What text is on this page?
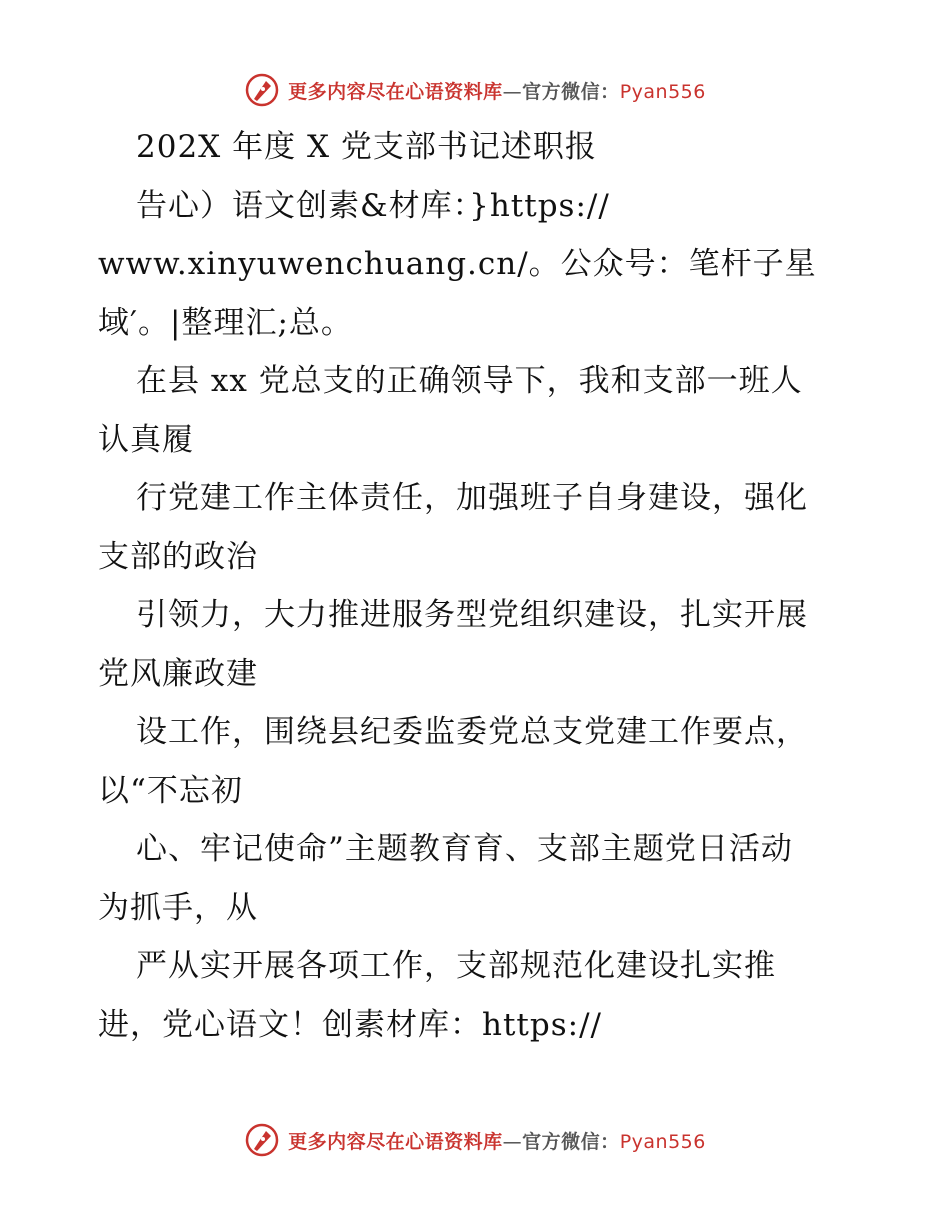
更多内容尽在心语资料库—官方微信：Pyan556
202X 年度 X 党支部书记述职报
告心）语文创素&材库：}https://
www.xinyuwenchuang.cn/。公众号：笔杆子星
域′。|整理汇;总。
在县 xx 党总支的正确领导下，我和支部一班人
认真履
行党建工作主体责任，加强班子自身建设，强化
支部的政治
引领力，大力推进服务型党组织建设，扎实开展
党风廉政建
设工作，围绕县纪委监委党总支党建工作要点，
以“不忘初
心、牢记使命”主题教育育、支部主题党日活动
为抓手，从
严从实开展各项工作，支部规范化建设扎实推
进，党心语文！创素材库：https://
更多内容尽在心语资料库—官方微信：Pyan556
